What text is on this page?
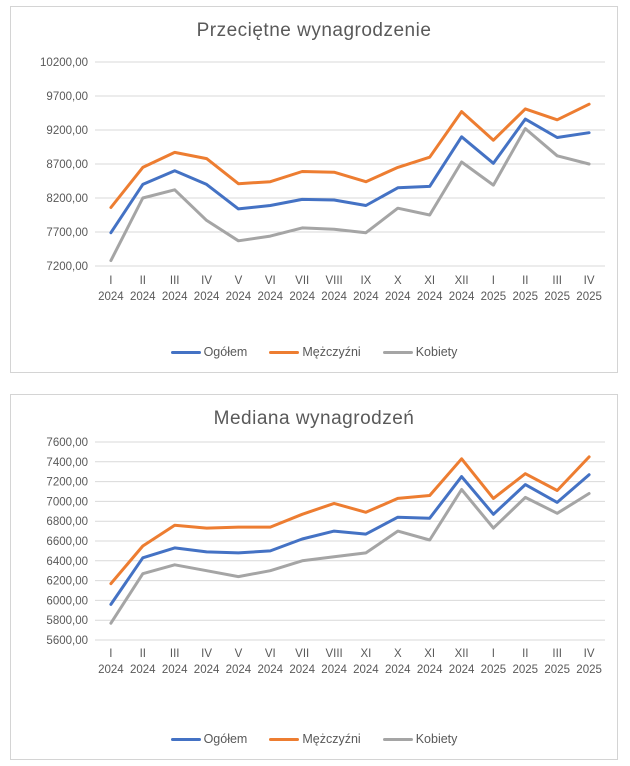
Przeciętne wynagrodzenie
7200,00
7700,00
8200,00
8700,00
9200,00
9700,00
10200,00
I
2024
II
2024
III
2024
IV
2024
V
2024
VI
2024
VII
2024
VIII
2024
IX
2024
X
2024
XI
2024
XII
2024
I
2025
II
2025
III
2025
IV
2025
Ogółem	Mężczyźni	Kobiety
Mediana wynagrodzeń
5600,00
5800,00
6000,00
6200,00
6400,00
6600,00
6800,00
7000,00
7200,00
7400,00
7600,00
I
2024
II
2024
III
2024
IV
2024
V
2024
VI
2024
VII
2024
VIII
2024
XI
2024
X
2024
XI
2024
XII
2024
I
2025
II
2025
III
2025
IV
2025
Ogółem	Mężczyźni	Kobiety
